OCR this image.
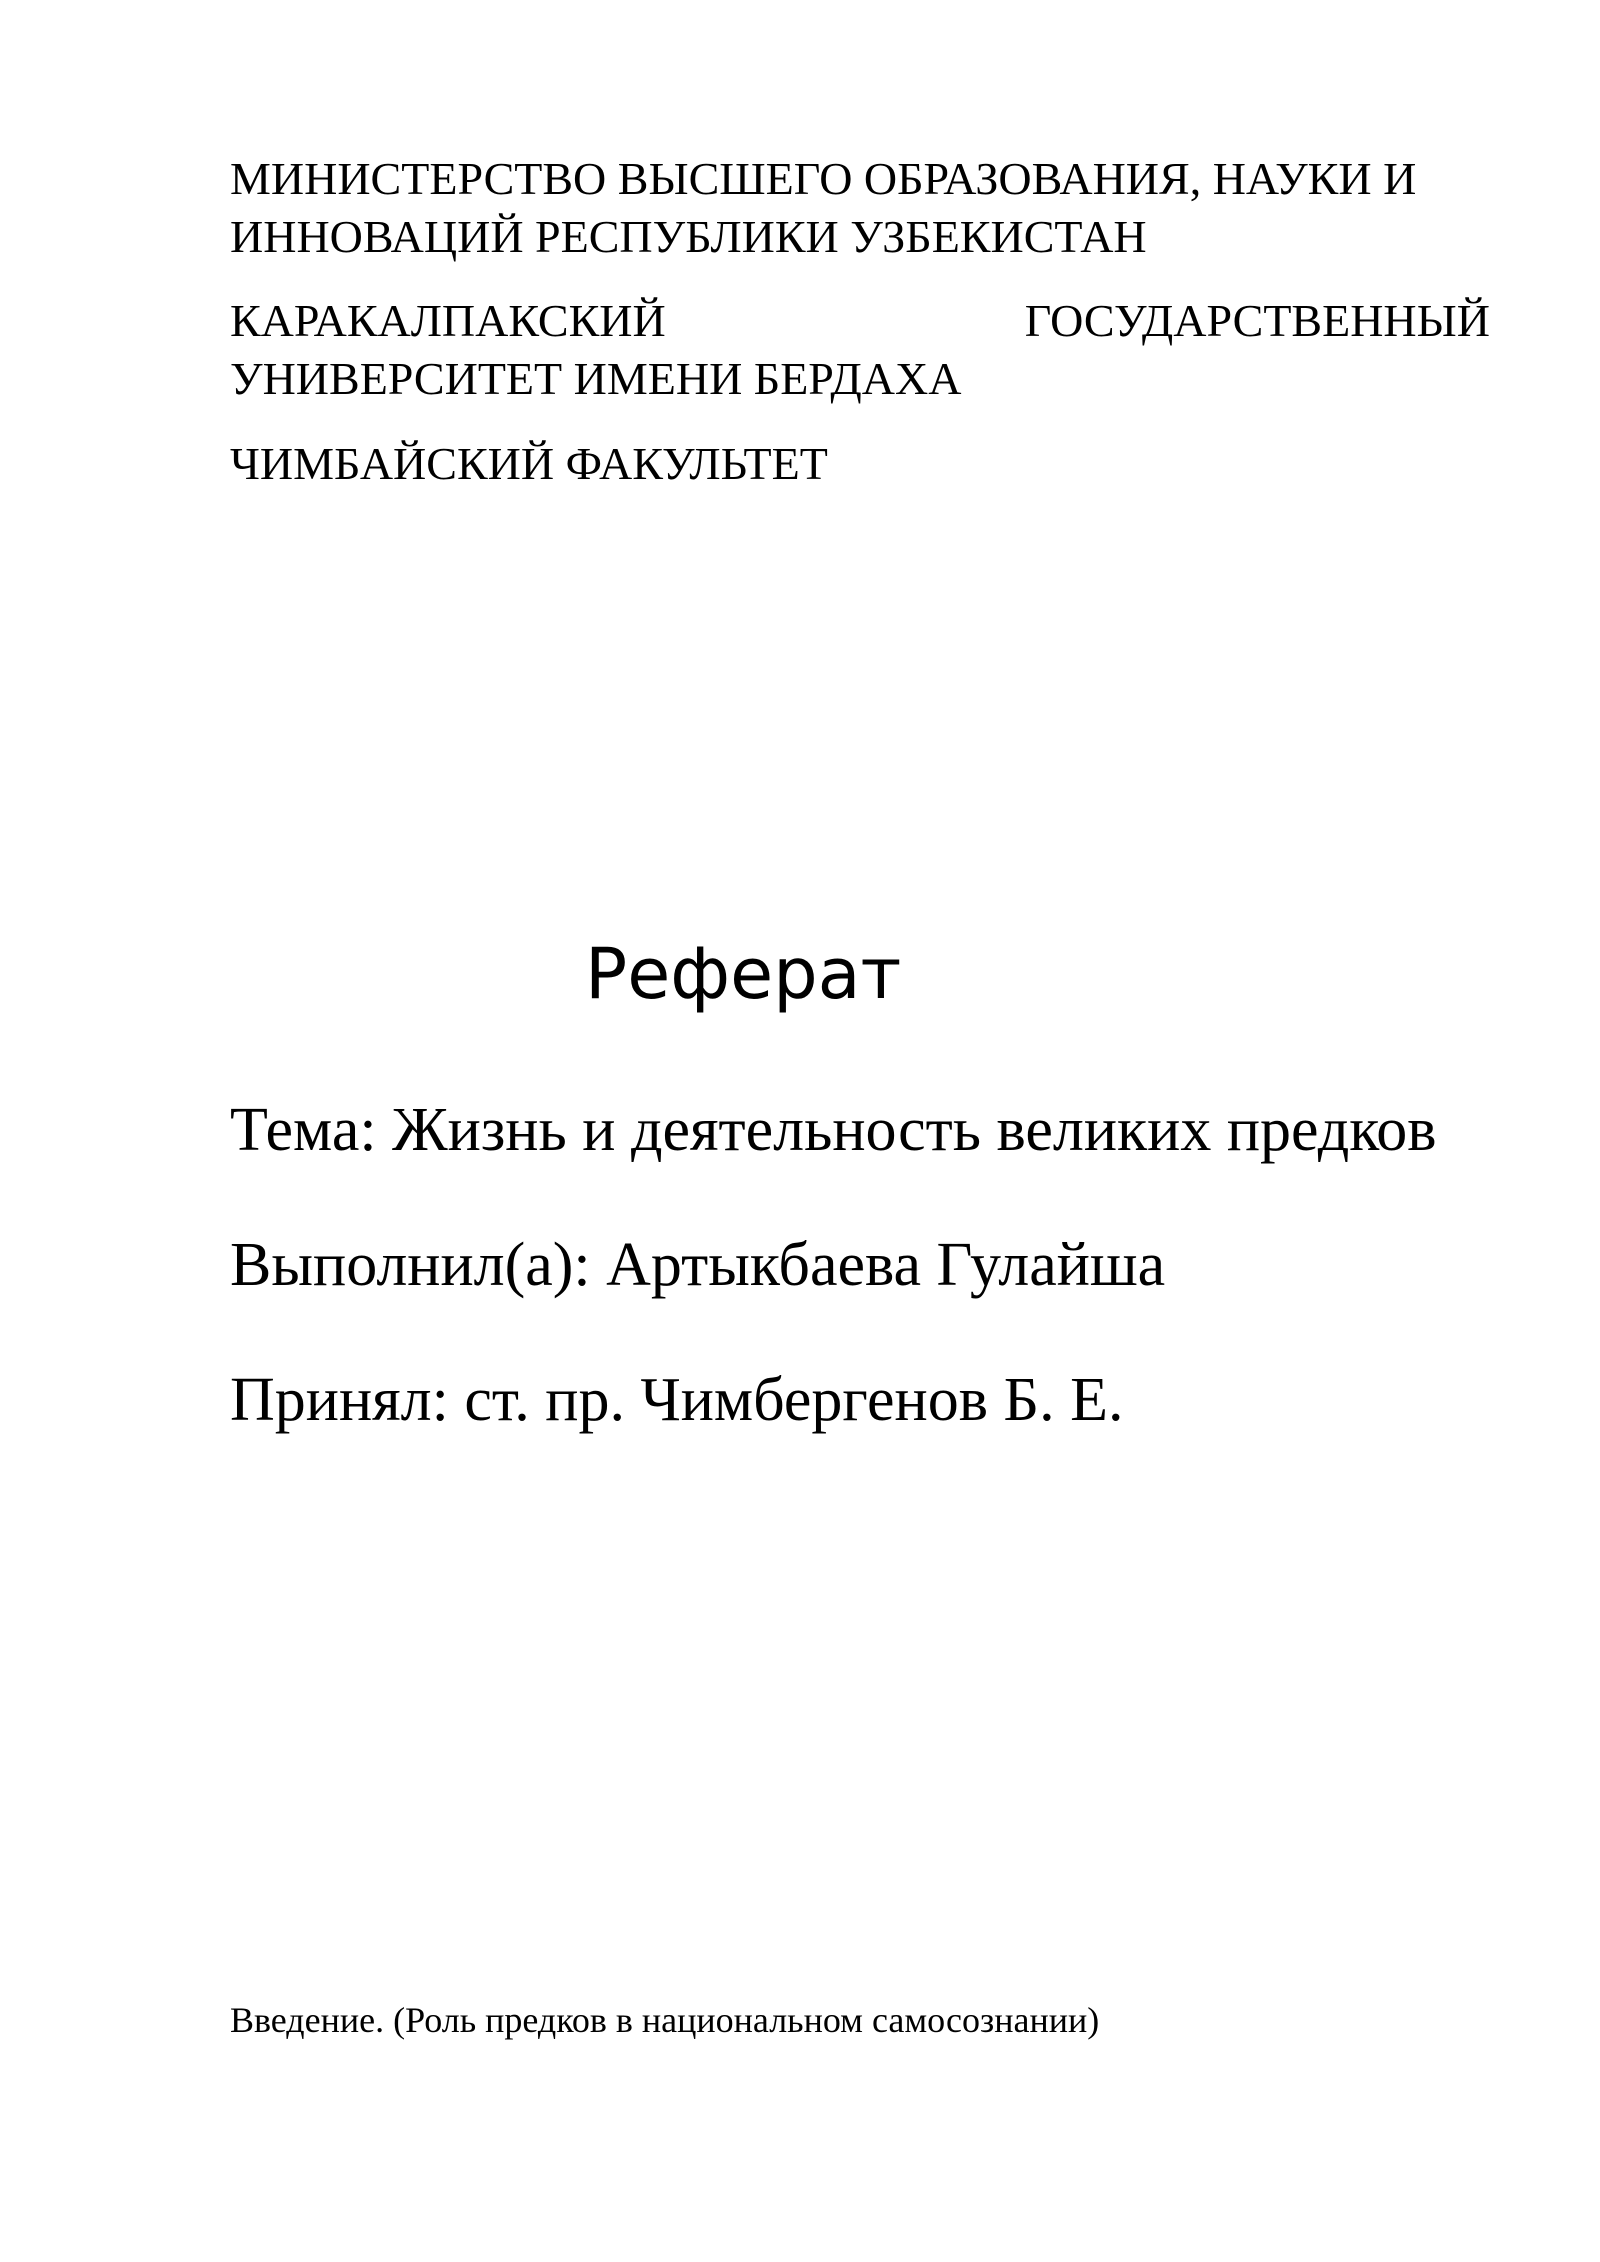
МИНИСТЕРСТВО ВЫСШЕГО ОБРАЗОВАНИЯ, НАУКИ И
ИННОВАЦИЙ РЕСПУБЛИКИ УЗБЕКИСТАН
КАРАКАЛПАКСКИЙ	ГОСУДАРСТВЕННЫЙ
УНИВЕРСИТЕТ ИМЕНИ БЕРДАХА
ЧИМБАЙСКИЙ ФАКУЛЬТЕТ
Реферат
Тема: Жизнь и деятельность великих предков
Выполнил(а): Артыкбаева Гулайша
Принял: ст. пр. Чимбергенов Б. Е.
Введение. (Роль предков в национальном самосознании)
